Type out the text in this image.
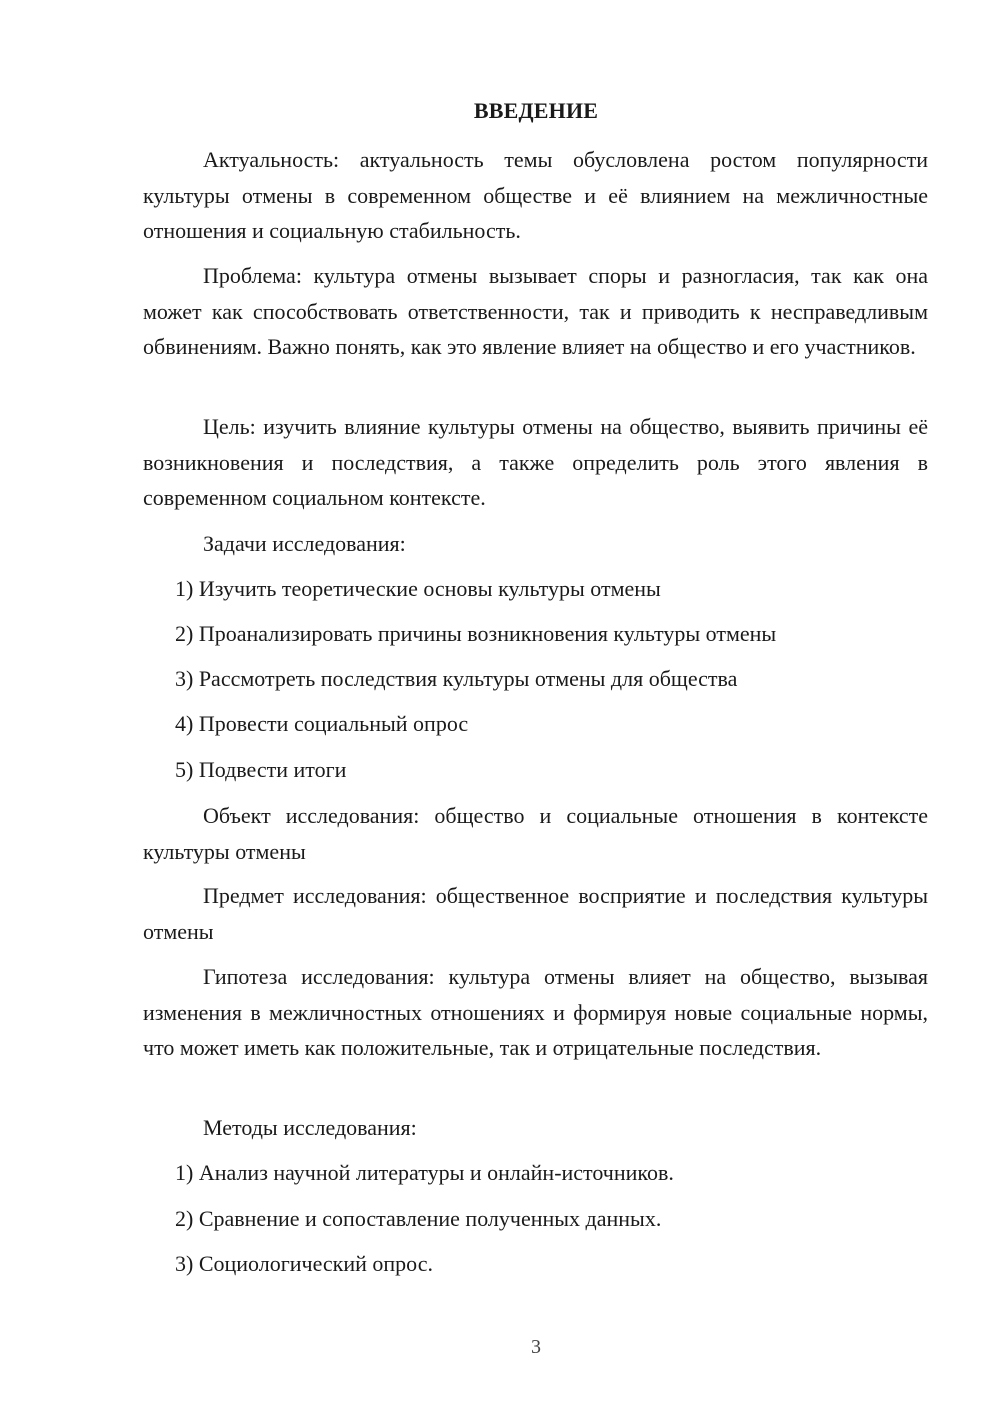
ВВЕДЕНИЕ

Актуальность: актуальность темы обусловлена ростом популярности культуры отмены в современном обществе и её влиянием на межличностные отношения и социальную стабильность.

Проблема: культура отмены вызывает споры и разногласия, так как она может как способствовать ответственности, так и приводить к несправедливым обвинениям. Важно понять, как это явление влияет на общество и его участников.

Цель: изучить влияние культуры отмены на общество, выявить причины её возникновения и последствия, а также определить роль этого явления в современном социальном контексте.

Задачи исследования:

1) Изучить теоретические основы культуры отмены

2) Проанализировать причины возникновения культуры отмены

3) Рассмотреть последствия культуры отмены для общества

4) Провести социальный опрос

5) Подвести итоги

Объект исследования: общество и социальные отношения в контексте культуры отмены

Предмет исследования: общественное восприятие и последствия культуры отмены

Гипотеза исследования: культура отмены влияет на общество, вызывая изменения в межличностных отношениях и формируя новые социальные нормы, что может иметь как положительные, так и отрицательные последствия.

Методы исследования:

1) Анализ научной литературы и онлайн-источников.

2) Сравнение и сопоставление полученных данных.

3) Социологический опрос.

3
